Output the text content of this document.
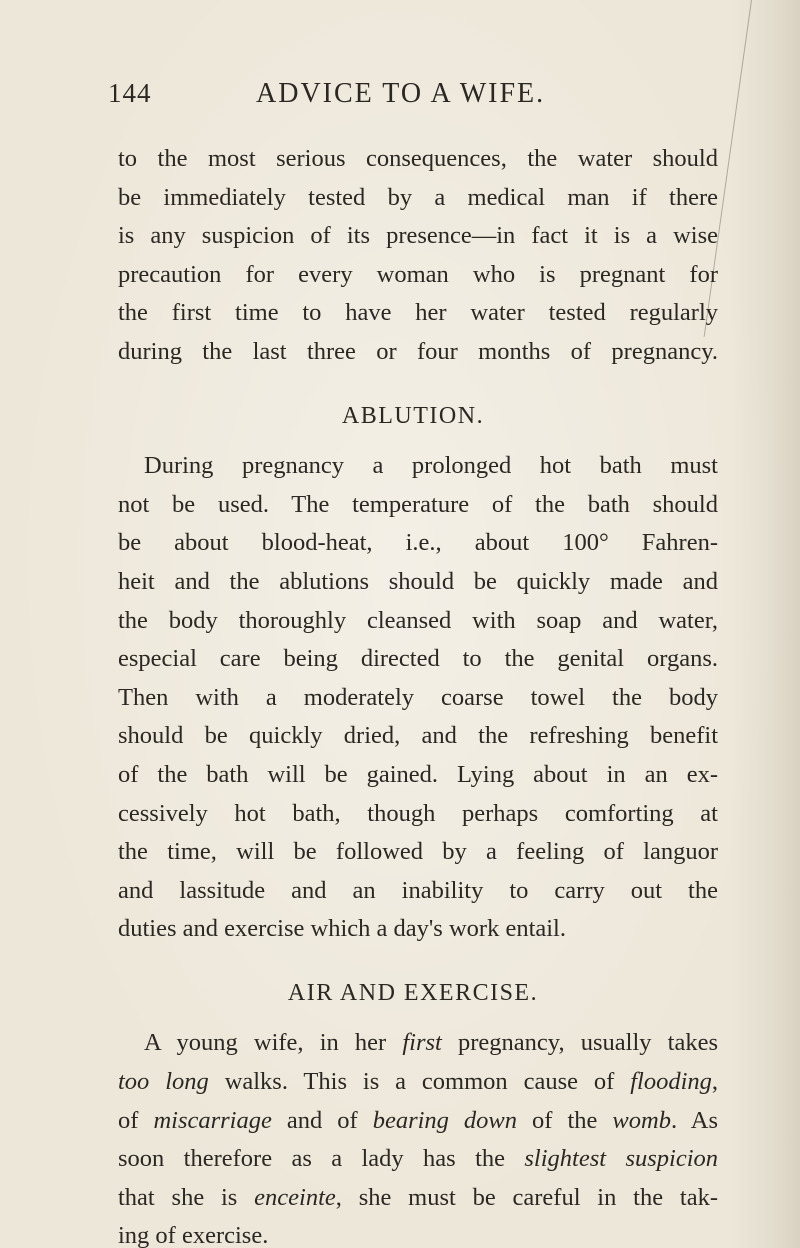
144	ADVICE TO A WIFE.
to the most serious consequences, the water should
be immediately tested by a medical man if there
is any suspicion of its presence—in fact it is a wise
precaution for every woman who is pregnant for
the first time to have her water tested regularly
during the last three or four months of pregnancy.
ABLUTION.
During pregnancy a prolonged hot bath must
not be used. The temperature of the bath should
be about blood-heat, i.e., about 100° Fahren-
heit and the ablutions should be quickly made and
the body thoroughly cleansed with soap and water,
especial care being directed to the genital organs.
Then with a moderately coarse towel the body
should be quickly dried, and the refreshing benefit
of the bath will be gained. Lying about in an ex-
cessively hot bath, though perhaps comforting at
the time, will be followed by a feeling of languor
and lassitude and an inability to carry out the
duties and exercise which a day's work entail.
AIR AND EXERCISE.
A young wife, in her first pregnancy, usually takes
too long walks. This is a common cause of flooding,
of miscarriage and of bearing down of the womb. As
soon therefore as a lady has the slightest suspicion
that she is enceinte, she must be careful in the tak-
ing of exercise.
